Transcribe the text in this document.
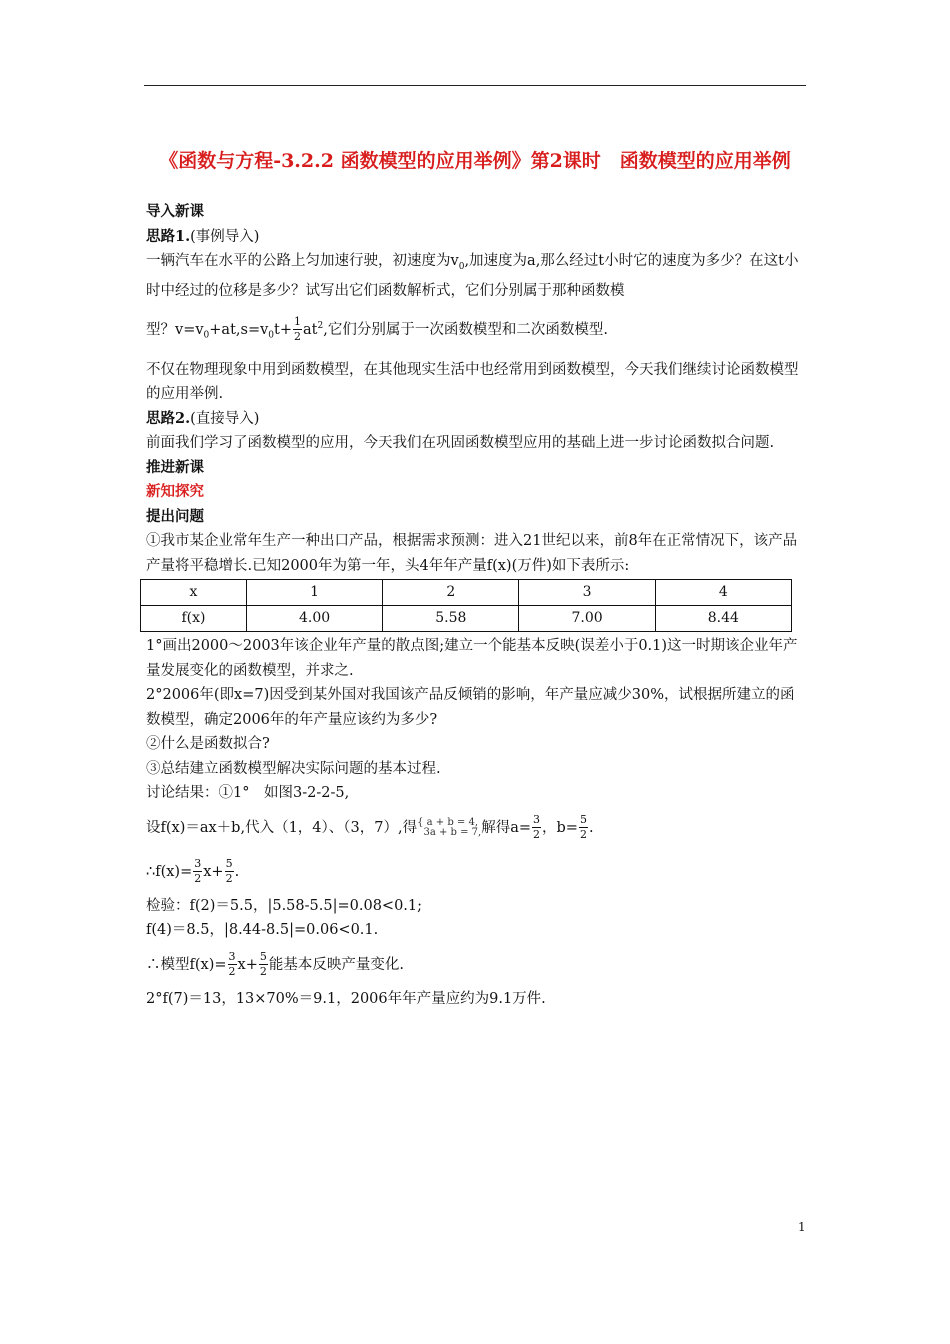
《函数与方程-3.2.2 函数模型的应用举例》第2课时　函数模型的应用举例

导入新课

思路1.(事例导入)

一辆汽车在水平的公路上匀加速行驶，初速度为$v_0$,加速度为a,那么经过t小时它的速度为多少？在这t小时中经过的位移是多少？试写出它们函数解析式，它们分别属于那种函数模

型？$v=v_0+at,s=v_0t+ \frac{1}{2} at^2$,它们分别属于一次函数模型和二次函数模型.

不仅在物理现象中用到函数模型，在其他现实生活中也经常用到函数模型，今天我们继续讨论函数模型的应用举例.

思路2.(直接导入)

前面我们学习了函数模型的应用，今天我们在巩固函数模型应用的基础上进一步讨论函数拟合问题.

推进新课

新知探究

提出问题

①我市某企业常年生产一种出口产品，根据需求预测：进入21世纪以来，前8年在正常情况下，该产品产量将平稳增长.已知2000年为第一年，头4年年产量f(x)(万件)如下表所示:

x	1	2	3	4
f(x)	4.00	5.58	7.00	8.44

1°画出2000～2003年该企业年产量的散点图;建立一个能基本反映(误差小于0.1)这一时期该企业年产量发展变化的函数模型，并求之.

2°2006年(即x=7)因受到某外国对我国该产品反倾销的影响，年产量应减少30%，试根据所建立的函数模型，确定2006年的年产量应该约为多少?

②什么是函数拟合?

③总结建立函数模型解决实际问题的基本过程.

讨论结果：①1°　如图3-2-2-5,

设f(x)＝ax＋b,代入（1，4）、（3，7）,得{ a + b = 4,
3a + b = 7,解得$a= \frac{3}{2}$ ，$b= \frac{5}{2}$ .

∴f(x)= $\frac{3}{2} x+ \frac{5}{2}$ .

检验：f(2)＝5.5，|5.58-5.5|=0.08<0.1;

f(4)＝8.5，|8.44-8.5|=0.06<0.1.

∴模型$f(x)= \frac{3}{2} x+ \frac{5}{2}$ 能基本反映产量变化.

2°f(7)＝13，13×70%＝9.1，2006年年产量应约为9.1万件.

1
